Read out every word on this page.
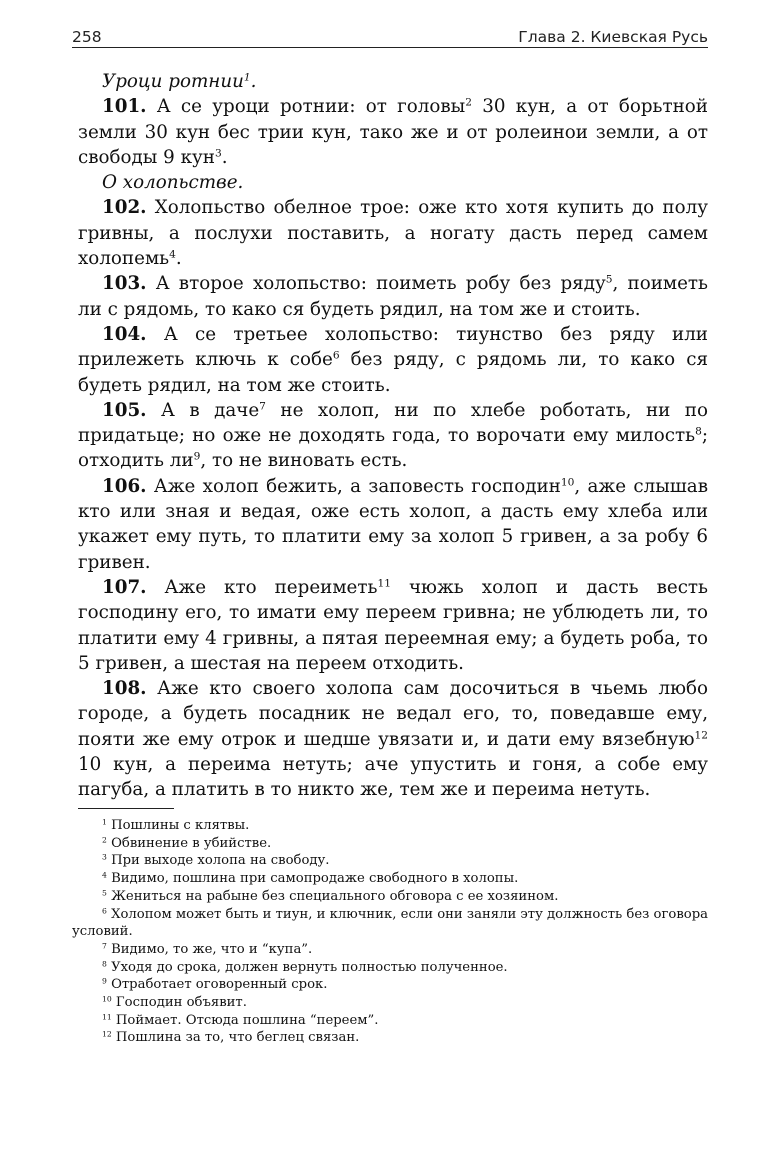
258	Глава 2. Киевская Русь

Уроци ротнии$^1$.

101. А се уроци ротнии: от головы$^2$ 30 кун, а от борьтной земли 30 кун бес трии кун, тако же и от ролеинои земли, а от свободы 9 кун$^3$.

О холопьстве.

102. Холопьство обелное трое: оже кто хотя купить до полу гривны, а послухи поставить, а ногату дасть перед самем холопемь$^4$.

103. А второе холопьство: поиметь робу без ряду$^5$, поиметь ли с рядомь, то како ся будеть рядил, на том же и стоить.

104. А се третьее холопьство: тиунство без ряду или прилежеть ключь к собе$^6$ без ряду, с рядомь ли, то како ся будеть рядил, на том же стоить.

105. А в даче$^7$ не холоп, ни по хлебе роботать, ни по придатьце; но оже не доходять года, то ворочати ему милость$^8$; отходить $ли^9$, то не виновать есть.

106. Аже холоп бежить, а заповесть господин$^{10}$, аже слышав кто или зная и ведая, оже есть холоп, а дасть ему хлеба или укажет ему путь, то платити ему за холоп 5 гривен, а за робу 6 гривен.

107. Аже кто переиметь$^{11}$ чюжь холоп и дасть весть господину его, то имати ему переем гривна; не ублюдеть ли, то платити ему 4 гривны, а пятая переемная ему; а будеть роба, то 5 гривен, а шестая на переем отходить.

108. Аже кто своего холопа сам досочиться в чьемь любо городе, а будеть посадник не ведал его, то, поведавше ему, пояти же ему отрок и шедше увязати и, и дати ему вязебную$^{12}$ 10 кун, а переима нетуть; аче упустить и гоня, а собе ему пагуба, а платить в то никто же, тем же и переима нетуть.

$^1$ Пошлины с клятвы.

$^2$ Обвинение в убийстве.

$^3$ При выходе холопа на свободу.

$^4$ Видимо, пошлина при самопродаже свободного в холопы.

$^5$ Жениться на рабыне без специального обговора с ее хозяином.

$^6$ Холопом может быть и тиун, и ключник, если они заняли эту должность без оговора условий.

$^7$ Видимо, то же, что и “купа”.

$^8$ Уходя до срока, должен вернуть полностью полученное.

$^9$ Отработает оговоренный срок.

$^{10}$ Господин объявит.

$^{11}$ Поймает. Отсюда пошлина “переем”.

$^{12}$ Пошлина за то, что беглец связан.
